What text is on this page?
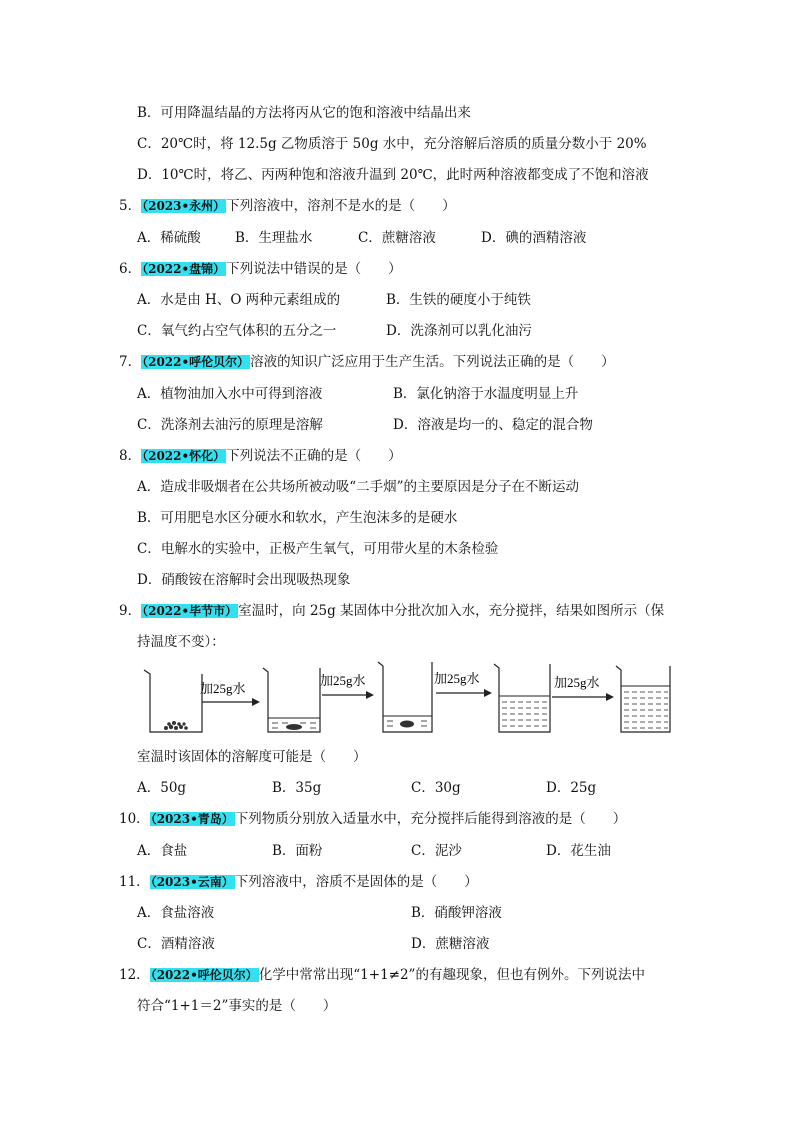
B．可用降温结晶的方法将丙从它的饱和溶液中结晶出来
C．20℃时，将 12.5g 乙物质溶于 50g 水中，充分溶解后溶质的质量分数小于 20%
D．10℃时，将乙、丙两种饱和溶液升温到 20℃，此时两种溶液都变成了不饱和溶液
5．（2023•永州）下列溶液中，溶剂不是水的是（　　）
A．稀硫酸	B．生理盐水	C．蔗糖溶液	D．碘的酒精溶液
6．（2022•盘锦）下列说法中错误的是（　　）
A．水是由 H、O 两种元素组成的	B．生铁的硬度小于纯铁
C．氧气约占空气体积的五分之一	D．洗涤剂可以乳化油污
7．（2022•呼伦贝尔）溶液的知识广泛应用于生产生活。下列说法正确的是（　　）
A．植物油加入水中可得到溶液	B．氯化钠溶于水温度明显上升
C．洗涤剂去油污的原理是溶解	D．溶液是均一的、稳定的混合物
8．（2022•怀化）下列说法不正确的是（　　）
A．造成非吸烟者在公共场所被动吸“二手烟”的主要原因是分子在不断运动
B．可用肥皂水区分硬水和软水，产生泡沫多的是硬水
C．电解水的实验中，正极产生氧气，可用带火星的木条检验
D．硝酸铵在溶解时会出现吸热现象
9．（2022•毕节市）室温时，向 25g 某固体中分批次加入水，充分搅拌，结果如图所示（保
持温度不变）：
加25g水
加25g水	加25g水	加25g水
室温时该固体的溶解度可能是（　　）
A．50g	B．35g	C．30g	D．25g
10．（2023•青岛）下列物质分别放入适量水中，充分搅拌后能得到溶液的是（　　）
A．食盐	B．面粉	C．泥沙	D．花生油
11．（2023•云南）下列溶液中，溶质不是固体的是（　　）
A．食盐溶液	B．硝酸钾溶液
C．酒精溶液	D．蔗糖溶液
12．（2022•呼伦贝尔）化学中常常出现“1+1≠2”的有趣现象，但也有例外。下列说法中
符合“1+1＝2”事实的是（　　）
